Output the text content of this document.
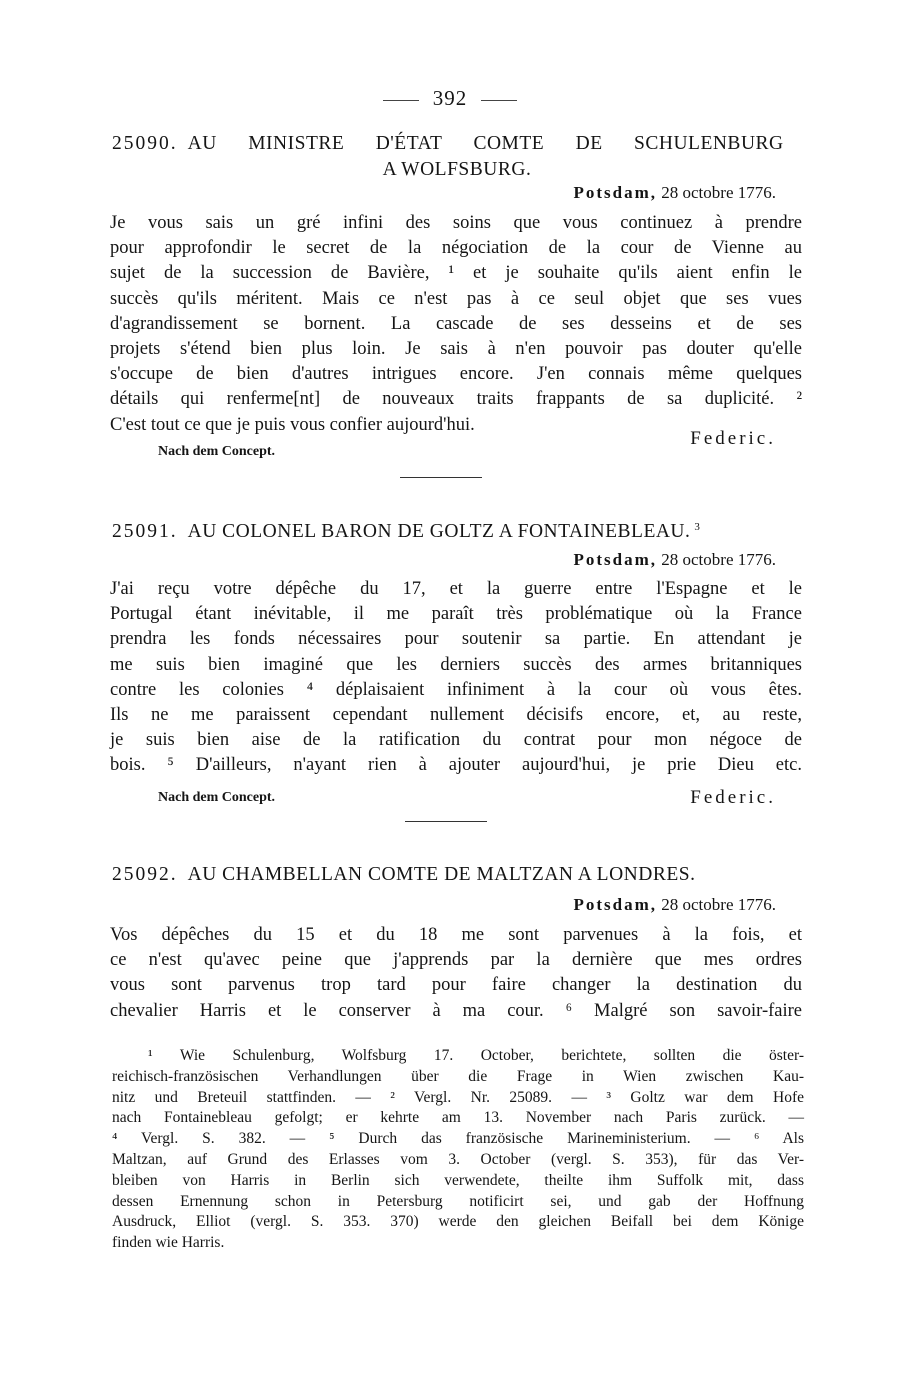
392
25090. AU MINISTRE D'ÉTAT COMTE DE SCHULENBURG
A WOLFSBURG.
Potsdam, 28 octobre 1776.
Je vous sais un gré infini des soins que vous continuez à prendre
pour approfondir le secret de la négociation de la cour de Vienne au
sujet de la succession de Bavière, ¹ et je souhaite qu'ils aient enfin le
succès qu'ils méritent. Mais ce n'est pas à ce seul objet que ses vues
d'agrandissement se bornent. La cascade de ses desseins et de ses
projets s'étend bien plus loin. Je sais à n'en pouvoir pas douter qu'elle
s'occupe de bien d'autres intrigues encore. J'en connais même quelques
détails qui renferme[nt] de nouveaux traits frappants de sa duplicité. ²
C'est tout ce que je puis vous confier aujourd'hui.
Federic.
Nach dem Concept.
25091. AU COLONEL BARON DE GOLTZ A FONTAINEBLEAU. $^3$
Potsdam, 28 octobre 1776.
J'ai reçu votre dépêche du 17, et la guerre entre l'Espagne et le
Portugal étant inévitable, il me paraît très problématique où la France
prendra les fonds nécessaires pour soutenir sa partie. En attendant je
me suis bien imaginé que les derniers succès des armes britanniques
contre les colonies ⁴ déplaisaient infiniment à la cour où vous êtes.
Ils ne me paraissent cependant nullement décisifs encore, et, au reste,
je suis bien aise de la ratification du contrat pour mon négoce de
bois. ⁵ D'ailleurs, n'ayant rien à ajouter aujourd'hui, je prie Dieu etc.
Nach dem Concept.	Federic.
25092. AU CHAMBELLAN COMTE DE MALTZAN A LONDRES.
Potsdam, 28 octobre 1776.
Vos dépêches du 15 et du 18 me sont parvenues à la fois, et
ce n'est qu'avec peine que j'apprends par la dernière que mes ordres
vous sont parvenus trop tard pour faire changer la destination du
chevalier Harris et le conserver à ma cour. ⁶ Malgré son savoir-faire
¹ Wie Schulenburg, Wolfsburg 17. October, berichtete, sollten die öster-
reichisch-französischen Verhandlungen über die Frage in Wien zwischen Kau-
nitz und Breteuil stattfinden. — ² Vergl. Nr. 25089. — ³ Goltz war dem Hofe
nach Fontainebleau gefolgt; er kehrte am 13. November nach Paris zurück. —
⁴ Vergl. S. 382. — ⁵ Durch das französische Marineministerium. — ⁶ Als
Maltzan, auf Grund des Erlasses vom 3. October (vergl. S. 353), für das Ver-
bleiben von Harris in Berlin sich verwendete, theilte ihm Suffolk mit, dass
dessen Ernennung schon in Petersburg notificirt sei, und gab der Hoffnung
Ausdruck, Elliot (vergl. S. 353. 370) werde den gleichen Beifall bei dem Könige
finden wie Harris.
